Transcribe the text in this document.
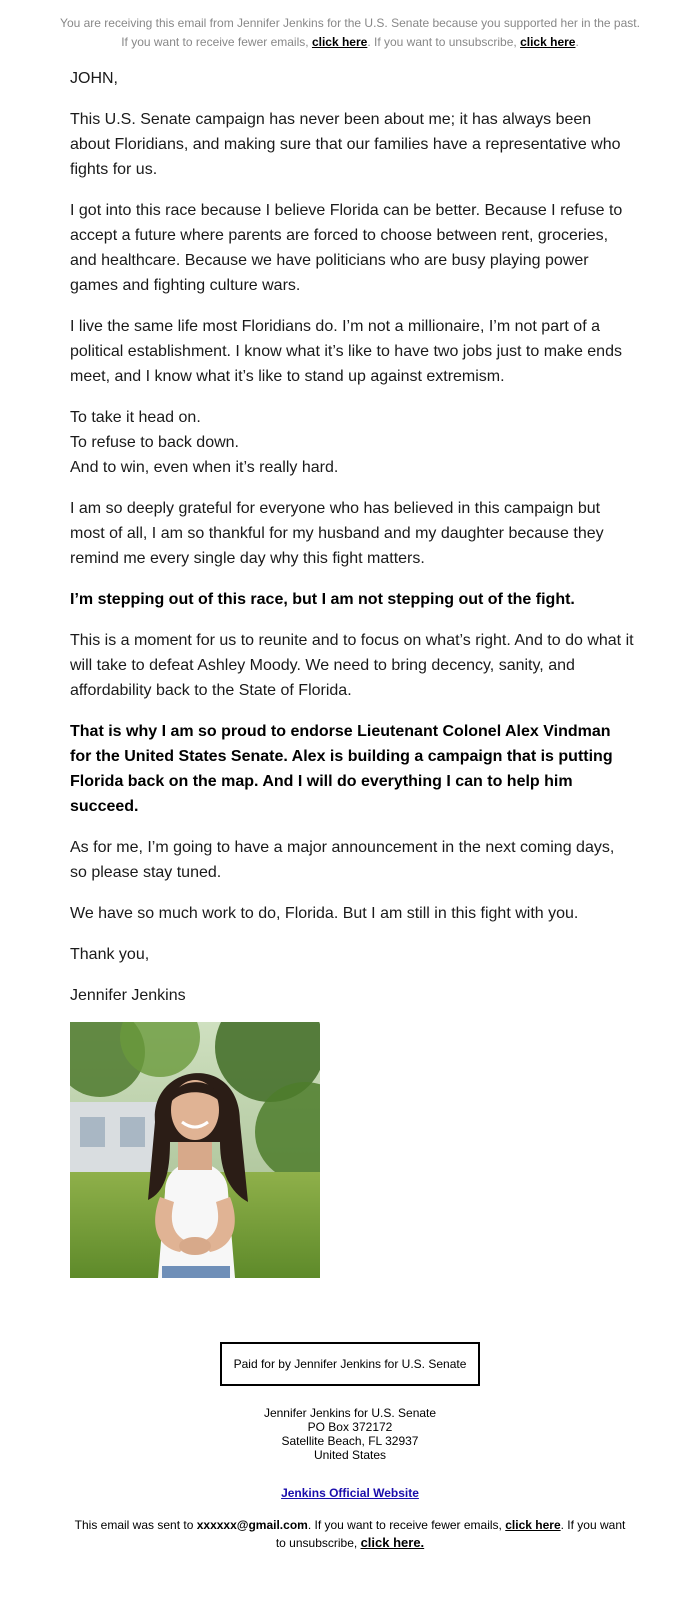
You are receiving this email from Jennifer Jenkins for the U.S. Senate because you supported her in the past.
If you want to receive fewer emails, click here. If you want to unsubscribe, click here.

JOHN,

This U.S. Senate campaign has never been about me; it has always been about Floridians, and making sure that our families have a representative who fights for us.

I got into this race because I believe Florida can be better. Because I refuse to accept a future where parents are forced to choose between rent, groceries, and healthcare. Because we have politicians who are busy playing power games and fighting culture wars.

I live the same life most Floridians do. I’m not a millionaire, I’m not part of a political establishment. I know what it’s like to have two jobs just to make ends meet, and I know what it’s like to stand up against extremism.

To take it head on.
To refuse to back down.
And to win, even when it’s really hard.

I am so deeply grateful for everyone who has believed in this campaign but most of all, I am so thankful for my husband and my daughter because they remind me every single day why this fight matters.

I’m stepping out of this race, but I am not stepping out of the fight.

This is a moment for us to reunite and to focus on what’s right. And to do what it will take to defeat Ashley Moody. We need to bring decency, sanity, and affordability back to the State of Florida.

That is why I am so proud to endorse Lieutenant Colonel Alex Vindman for the United States Senate. Alex is building a campaign that is putting Florida back on the map. And I will do everything I can to help him succeed.

As for me, I’m going to have a major announcement in the next coming days, so please stay tuned.

We have so much work to do, Florida. But I am still in this fight with you.

Thank you,

Jennifer Jenkins

Paid for by Jennifer Jenkins for U.S. Senate
Jennifer Jenkins for U.S. Senate
PO Box 372172
Satellite Beach, FL 32937
United States
Jenkins Official Website
This email was sent to xxxxxx@gmail.com. If you want to receive fewer emails, click here. If you want to unsubscribe, click here.
